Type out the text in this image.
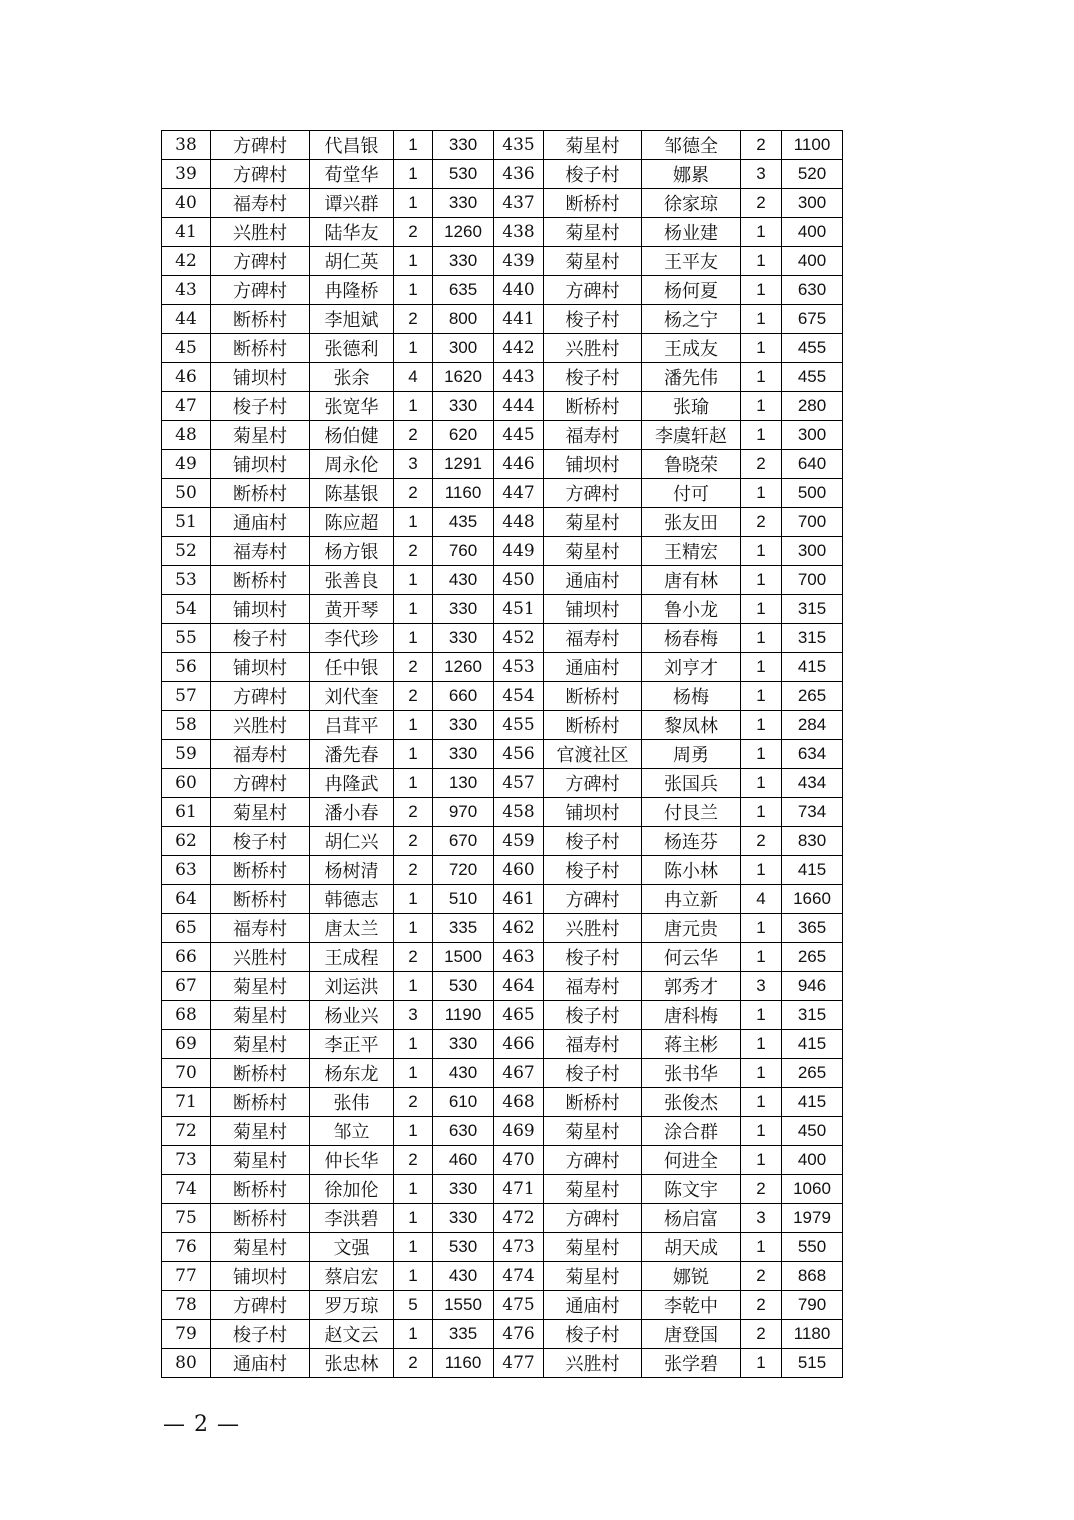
38	方碑村	代昌银	1	330	435	菊星村	邹德全	2	1100
39	方碑村	荀堂华	1	530	436	梭子村	娜累	3	520
40	福寿村	谭兴群	1	330	437	断桥村	徐家琼	2	300
41	兴胜村	陆华友	2	1260	438	菊星村	杨业建	1	400
42	方碑村	胡仁英	1	330	439	菊星村	王平友	1	400
43	方碑村	冉隆桥	1	635	440	方碑村	杨何夏	1	630
44	断桥村	李旭斌	2	800	441	梭子村	杨之宁	1	675
45	断桥村	张德利	1	300	442	兴胜村	王成友	1	455
46	铺坝村	张余	4	1620	443	梭子村	潘先伟	1	455
47	梭子村	张宽华	1	330	444	断桥村	张瑜	1	280
48	菊星村	杨伯健	2	620	445	福寿村	李虞轩赵	1	300
49	铺坝村	周永伦	3	1291	446	铺坝村	鲁晓荣	2	640
50	断桥村	陈基银	2	1160	447	方碑村	付可	1	500
51	通庙村	陈应超	1	435	448	菊星村	张友田	2	700
52	福寿村	杨方银	2	760	449	菊星村	王精宏	1	300
53	断桥村	张善良	1	430	450	通庙村	唐有林	1	700
54	铺坝村	黄开琴	1	330	451	铺坝村	鲁小龙	1	315
55	梭子村	李代珍	1	330	452	福寿村	杨春梅	1	315
56	铺坝村	任中银	2	1260	453	通庙村	刘亨才	1	415
57	方碑村	刘代奎	2	660	454	断桥村	杨梅	1	265
58	兴胜村	吕茸平	1	330	455	断桥村	黎凤林	1	284
59	福寿村	潘先春	1	330	456	官渡社区	周勇	1	634
60	方碑村	冉隆武	1	130	457	方碑村	张国兵	1	434
61	菊星村	潘小春	2	970	458	铺坝村	付艮兰	1	734
62	梭子村	胡仁兴	2	670	459	梭子村	杨连芬	2	830
63	断桥村	杨树清	2	720	460	梭子村	陈小林	1	415
64	断桥村	韩德志	1	510	461	方碑村	冉立新	4	1660
65	福寿村	唐太兰	1	335	462	兴胜村	唐元贵	1	365
66	兴胜村	王成程	2	1500	463	梭子村	何云华	1	265
67	菊星村	刘运洪	1	530	464	福寿村	郭秀才	3	946
68	菊星村	杨业兴	3	1190	465	梭子村	唐科梅	1	315
69	菊星村	李正平	1	330	466	福寿村	蒋主彬	1	415
70	断桥村	杨东龙	1	430	467	梭子村	张书华	1	265
71	断桥村	张伟	2	610	468	断桥村	张俊杰	1	415
72	菊星村	邹立	1	630	469	菊星村	涂合群	1	450
73	菊星村	仲长华	2	460	470	方碑村	何进全	1	400
74	断桥村	徐加伦	1	330	471	菊星村	陈文宇	2	1060
75	断桥村	李洪碧	1	330	472	方碑村	杨启富	3	1979
76	菊星村	文强	1	530	473	菊星村	胡天成	1	550
77	铺坝村	蔡启宏	1	430	474	菊星村	娜锐	2	868
78	方碑村	罗万琼	5	1550	475	通庙村	李乾中	2	790
79	梭子村	赵文云	1	335	476	梭子村	唐登国	2	1180
80	通庙村	张忠林	2	1160	477	兴胜村	张学碧	1	515
— 2 —
